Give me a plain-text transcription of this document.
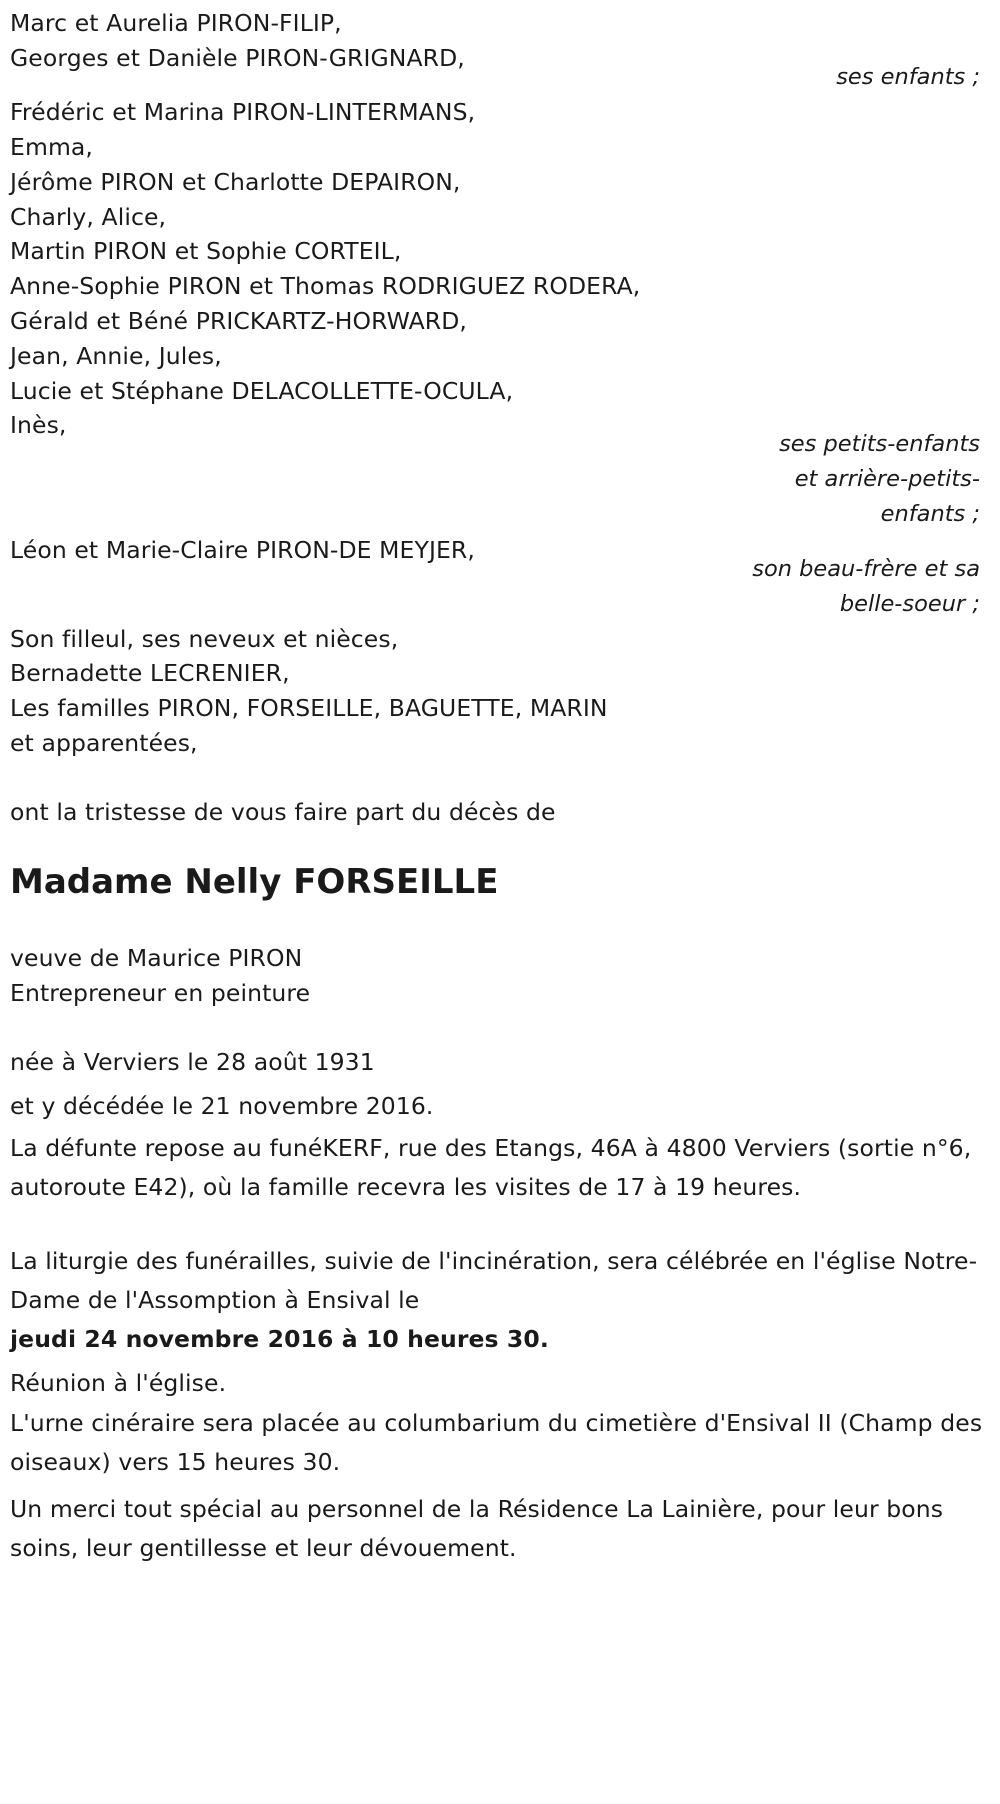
Marc et Aurelia PIRON-FILIP,
Georges et Danièle PIRON-GRIGNARD,
ses enfants ;
Frédéric et Marina PIRON-LINTERMANS,
Emma,
Jérôme PIRON et Charlotte DEPAIRON,
Charly, Alice,
Martin PIRON et Sophie CORTEIL,
Anne-Sophie PIRON et Thomas RODRIGUEZ RODERA,
Gérald et Béné PRICKARTZ-HORWARD,
Jean, Annie, Jules,
Lucie et Stéphane DELACOLLETTE-OCULA,
Inès,
ses petits-enfants
et arrière-petits-
enfants ;
Léon et Marie-Claire PIRON-DE MEYJER,
son beau-frère et sa
belle-soeur ;
Son filleul, ses neveux et nièces,
Bernadette LECRENIER,
Les familles PIRON, FORSEILLE, BAGUETTE, MARIN
et apparentées,
ont la tristesse de vous faire part du décès de
Madame Nelly FORSEILLE
veuve de Maurice PIRON
Entrepreneur en peinture
née à Verviers le 28 août 1931
et y décédée le 21 novembre 2016.
La défunte repose au funéKERF, rue des Etangs, 46A à 4800 Verviers (sortie n°6, autoroute E42), où la famille recevra les visites de 17 à 19 heures.
La liturgie des funérailles, suivie de l'incinération, sera célébrée en l'église Notre-Dame de l'Assomption à Ensival le
jeudi 24 novembre 2016 à 10 heures 30.
Réunion à l'église.
L'urne cinéraire sera placée au columbarium du cimetière d'Ensival II (Champ des oiseaux) vers 15 heures 30.
Un merci tout spécial au personnel de la Résidence La Lainière, pour leur bons soins, leur gentillesse et leur dévouement.
